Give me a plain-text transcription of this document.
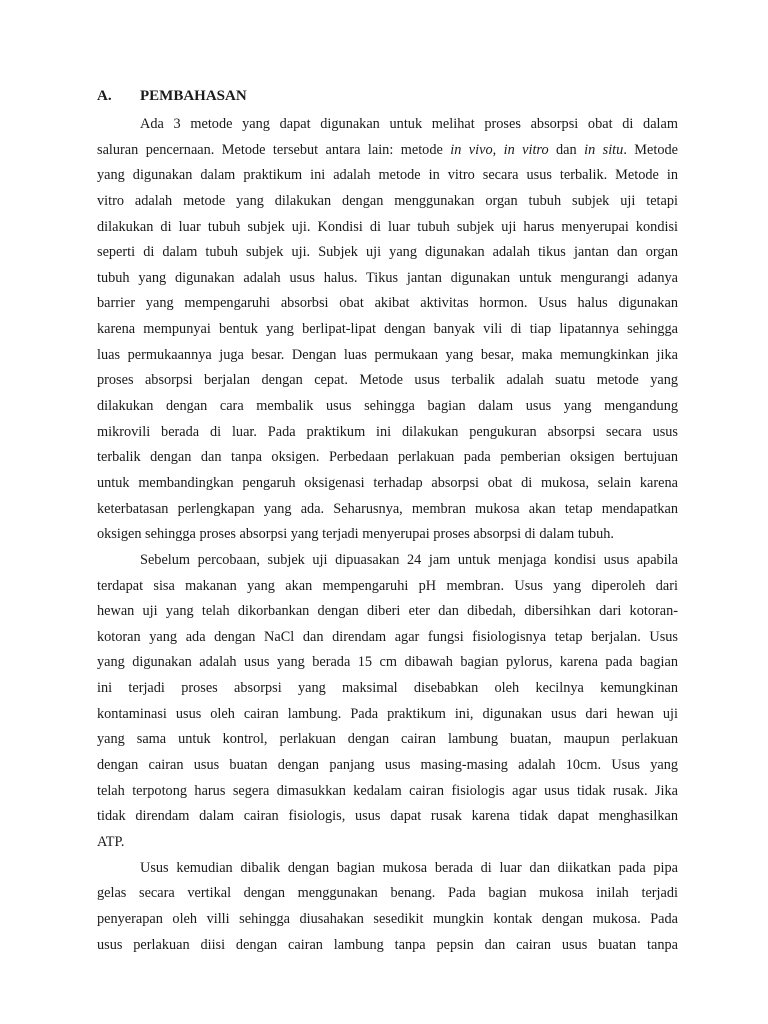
A. PEMBAHASAN
Ada 3 metode yang dapat digunakan untuk melihat proses absorpsi obat di dalam
saluran pencernaan. Metode tersebut antara lain: metode in vivo, in vitro dan in situ. Metode
yang digunakan dalam praktikum ini adalah metode in vitro secara usus terbalik. Metode in
vitro adalah metode yang dilakukan dengan menggunakan organ tubuh subjek uji tetapi
dilakukan di luar tubuh subjek uji. Kondisi di luar tubuh subjek uji harus menyerupai kondisi
seperti di dalam tubuh subjek uji. Subjek uji yang digunakan adalah tikus jantan dan organ
tubuh yang digunakan adalah usus halus. Tikus jantan digunakan untuk mengurangi adanya
barrier yang mempengaruhi absorbsi obat akibat aktivitas hormon. Usus halus digunakan
karena mempunyai bentuk yang berlipat-lipat dengan banyak vili di tiap lipatannya sehingga
luas permukaannya juga besar. Dengan luas permukaan yang besar, maka memungkinkan jika
proses absorpsi berjalan dengan cepat. Metode usus terbalik adalah suatu metode yang
dilakukan dengan cara membalik usus sehingga bagian dalam usus yang mengandung
mikrovili berada di luar. Pada praktikum ini dilakukan pengukuran absorpsi secara usus
terbalik dengan dan tanpa oksigen. Perbedaan perlakuan pada pemberian oksigen bertujuan
untuk membandingkan pengaruh oksigenasi terhadap absorpsi obat di mukosa, selain karena
keterbatasan perlengkapan yang ada. Seharusnya, membran mukosa akan tetap mendapatkan
oksigen sehingga proses absorpsi yang terjadi menyerupai proses absorpsi di dalam tubuh.
Sebelum percobaan, subjek uji dipuasakan 24 jam untuk menjaga kondisi usus apabila
terdapat sisa makanan yang akan mempengaruhi pH membran. Usus yang diperoleh dari
hewan uji yang telah dikorbankan dengan diberi eter dan dibedah, dibersihkan dari kotoran-
kotoran yang ada dengan NaCl dan direndam agar fungsi fisiologisnya tetap berjalan. Usus
yang digunakan adalah usus yang berada 15 cm dibawah bagian pylorus, karena pada bagian
ini terjadi proses absorpsi yang maksimal disebabkan oleh kecilnya kemungkinan
kontaminasi usus oleh cairan lambung. Pada praktikum ini, digunakan usus dari hewan uji
yang sama untuk kontrol, perlakuan dengan cairan lambung buatan, maupun perlakuan
dengan cairan usus buatan dengan panjang usus masing-masing adalah 10cm. Usus yang
telah terpotong harus segera dimasukkan kedalam cairan fisiologis agar usus tidak rusak. Jika
tidak direndam dalam cairan fisiologis, usus dapat rusak karena tidak dapat menghasilkan
ATP.
Usus kemudian dibalik dengan bagian mukosa berada di luar dan diikatkan pada pipa
gelas secara vertikal dengan menggunakan benang. Pada bagian mukosa inilah terjadi
penyerapan oleh villi sehingga diusahakan sesedikit mungkin kontak dengan mukosa. Pada
usus perlakuan diisi dengan cairan lambung tanpa pepsin dan cairan usus buatan tanpa
